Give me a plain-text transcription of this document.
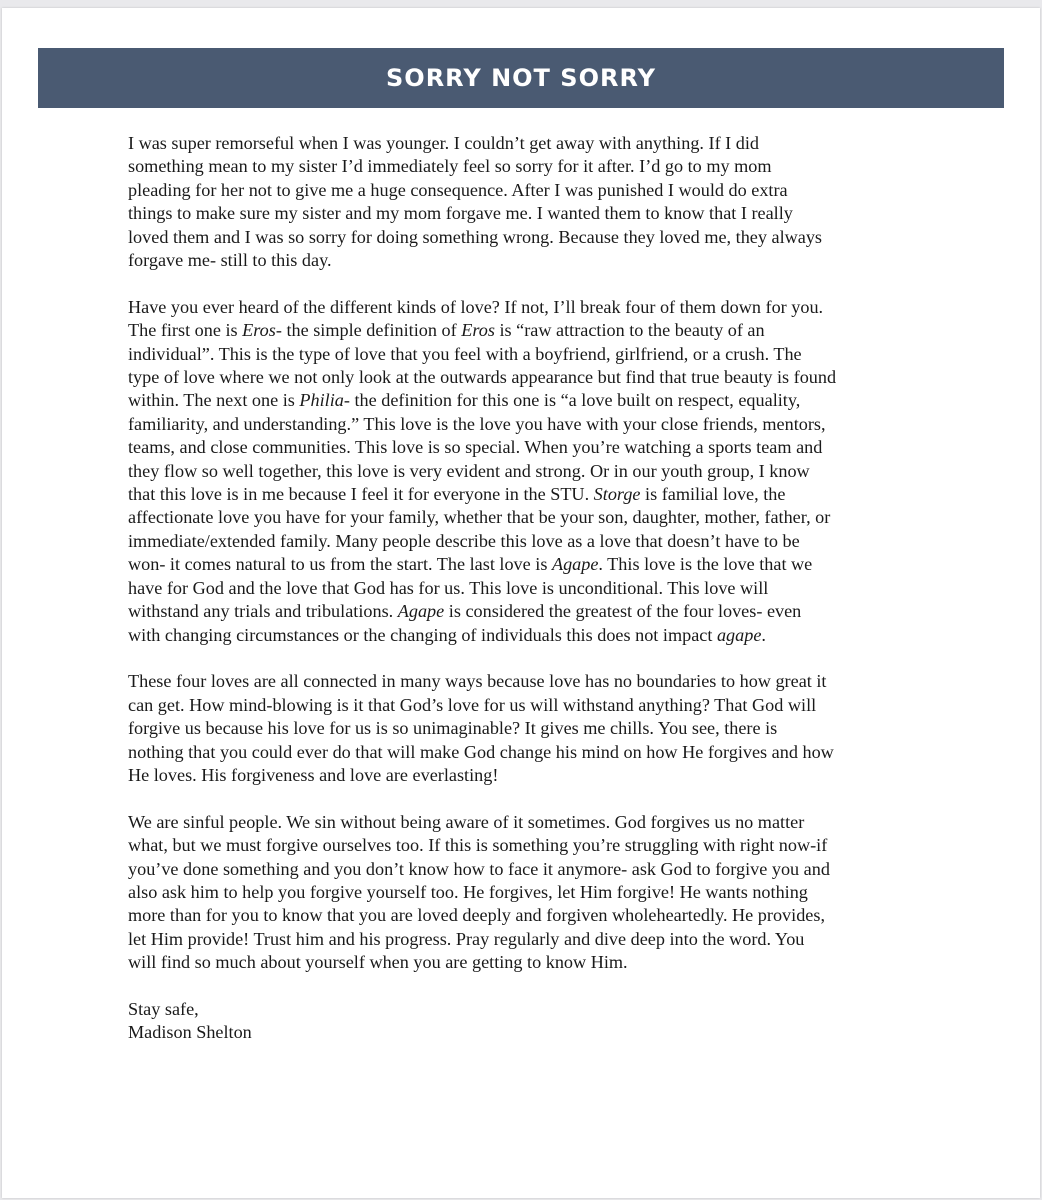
SORRY NOT SORRY

I was super remorseful when I was younger. I couldn’t get away with anything. If I did
something mean to my sister I’d immediately feel so sorry for it after. I’d go to my mom
pleading for her not to give me a huge consequence. After I was punished I would do extra
things to make sure my sister and my mom forgave me. I wanted them to know that I really
loved them and I was so sorry for doing something wrong. Because they loved me, they always
forgave me- still to this day.

Have you ever heard of the different kinds of love? If not, I’ll break four of them down for you.
The first one is Eros- the simple definition of Eros is “raw attraction to the beauty of an
individual”. This is the type of love that you feel with a boyfriend, girlfriend, or a crush. The
type of love where we not only look at the outwards appearance but find that true beauty is found
within. The next one is Philia- the definition for this one is “a love built on respect, equality,
familiarity, and understanding.” This love is the love you have with your close friends, mentors,
teams, and close communities. This love is so special. When you’re watching a sports team and
they flow so well together, this love is very evident and strong. Or in our youth group, I know
that this love is in me because I feel it for everyone in the STU. Storge is familial love, the
affectionate love you have for your family, whether that be your son, daughter, mother, father, or
immediate/extended family. Many people describe this love as a love that doesn’t have to be
won- it comes natural to us from the start. The last love is Agape. This love is the love that we
have for God and the love that God has for us. This love is unconditional. This love will
withstand any trials and tribulations. Agape is considered the greatest of the four loves- even
with changing circumstances or the changing of individuals this does not impact agape.

These four loves are all connected in many ways because love has no boundaries to how great it
can get. How mind-blowing is it that God’s love for us will withstand anything? That God will
forgive us because his love for us is so unimaginable? It gives me chills. You see, there is
nothing that you could ever do that will make God change his mind on how He forgives and how
He loves. His forgiveness and love are everlasting!

We are sinful people. We sin without being aware of it sometimes. God forgives us no matter
what, but we must forgive ourselves too. If this is something you’re struggling with right now-if
you’ve done something and you don’t know how to face it anymore- ask God to forgive you and
also ask him to help you forgive yourself too. He forgives, let Him forgive! He wants nothing
more than for you to know that you are loved deeply and forgiven wholeheartedly. He provides,
let Him provide! Trust him and his progress. Pray regularly and dive deep into the word. You
will find so much about yourself when you are getting to know Him.

Stay safe,
Madison Shelton
